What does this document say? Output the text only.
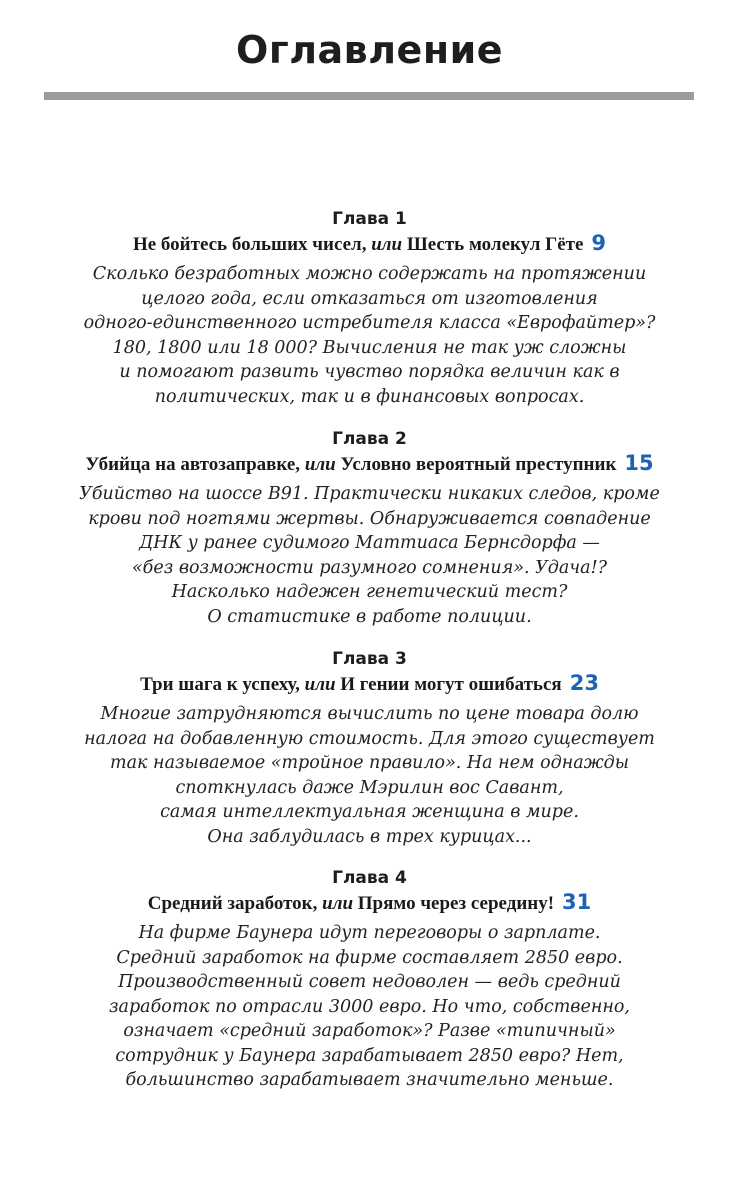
Оглавление
Глава 1
Не бойтесь больших чисел, или Шесть молекул Гёте 9
Сколько безработных можно содержать на протяжении
целого года, если отказаться от изготовления
одного-единственного истребителя класса «Еврофайтер»?
180, 1800 или 18 000? Вычисления не так уж сложны
и помогают развить чувство порядка величин как в
политических, так и в финансовых вопросах.
Глава 2
Убийца на автозаправке, или Условно вероятный преступник 15
Убийство на шоссе B91. Практически никаких следов, кроме
крови под ногтями жертвы. Обнаруживается совпадение
ДНК у ранее судимого Маттиаса Бернсдорфа —
«без возможности разумного сомнения». Удача!?
Насколько надежен генетический тест?
О статистике в работе полиции.
Глава 3
Три шага к успеху, или И гении могут ошибаться 23
Многие затрудняются вычислить по цене товара долю
налога на добавленную стоимость. Для этого существует
так называемое «тройное правило». На нем однажды
споткнулась даже Мэрилин вос Савант,
самая интеллектуальная женщина в мире.
Она заблудилась в трех курицах...
Глава 4
Средний заработок, или Прямо через середину! 31
На фирме Баунера идут переговоры о зарплате.
Средний заработок на фирме составляет 2850 евро.
Производственный совет недоволен — ведь средний
заработок по отрасли 3000 евро. Но что, собственно,
означает «средний заработок»? Разве «типичный»
сотрудник у Баунера зарабатывает 2850 евро? Нет,
большинство зарабатывает значительно меньше.
